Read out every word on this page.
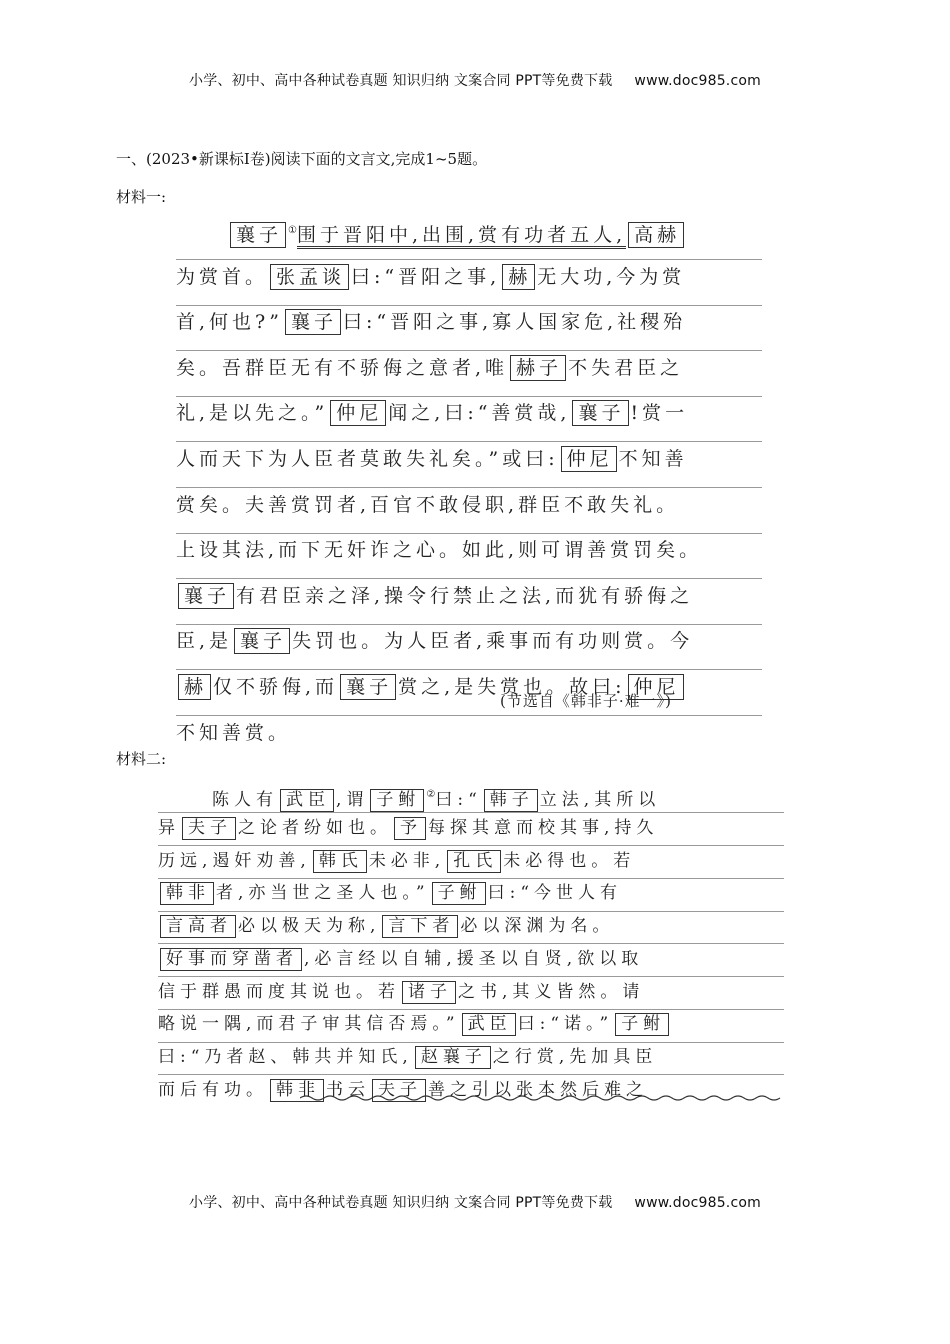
小学、初中、高中各种试卷真题 知识归纳 文案合同 PPT等免费下载 www.doc985.com
一、(2023•新课标Ⅰ卷)阅读下面的文言文,完成1~5题。
材料一:
襄子 ①围于晋阳中,出围,赏有功者五人, 高赫
为赏首。 张孟谈 曰:“晋阳之事, 赫 无大功,今为赏
首,何也?” 襄子 曰:“晋阳之事,寡人国家危,社稷殆
矣。吾群臣无有不骄侮之意者,唯 赫子 不失君臣之
礼,是以先之。” 仲尼 闻之,曰:“善赏哉, 襄子 !赏一
人而天下为人臣者莫敢失礼矣。”或曰: 仲尼 不知善
赏矣。夫善赏罚者,百官不敢侵职,群臣不敢失礼。
上设其法,而下无奸诈之心。如此,则可谓善赏罚矣。
襄子 有君臣亲之泽,操令行禁止之法,而犹有骄侮之
臣,是 襄子 失罚也。为人臣者,乘事而有功则赏。今
赫 仅不骄侮,而 襄子 赏之,是失赏也。故曰: 仲尼
不知善赏。
(节选自《韩非子·难一》)
材料二:
陈人有 武臣 ,谓 子鲋 ②曰:“ 韩子 立法,其所以
异 夫子 之论者纷如也。 予 每探其意而校其事,持久
历远,遏奸劝善, 韩氏 未必非, 孔氏 未必得也。若
韩非 者,亦当世之圣人也。” 子鲋 曰:“今世人有
言高者 必以极天为称, 言下者 必以深渊为名。
好事而穿凿者 ,必言经以自辅,援圣以自贤,欲以取
信于群愚而度其说也。若 诸子 之书,其义皆然。请
略说一隅,而君子审其信否焉。” 武臣 曰:“诺。” 子鲋
曰:“乃者赵、韩共并知氏, 赵襄子 之行赏,先加具臣
而后有功。 韩非 书云 夫子 善之引以张本然后难之
小学、初中、高中各种试卷真题 知识归纳 文案合同 PPT等免费下载 www.doc985.com
